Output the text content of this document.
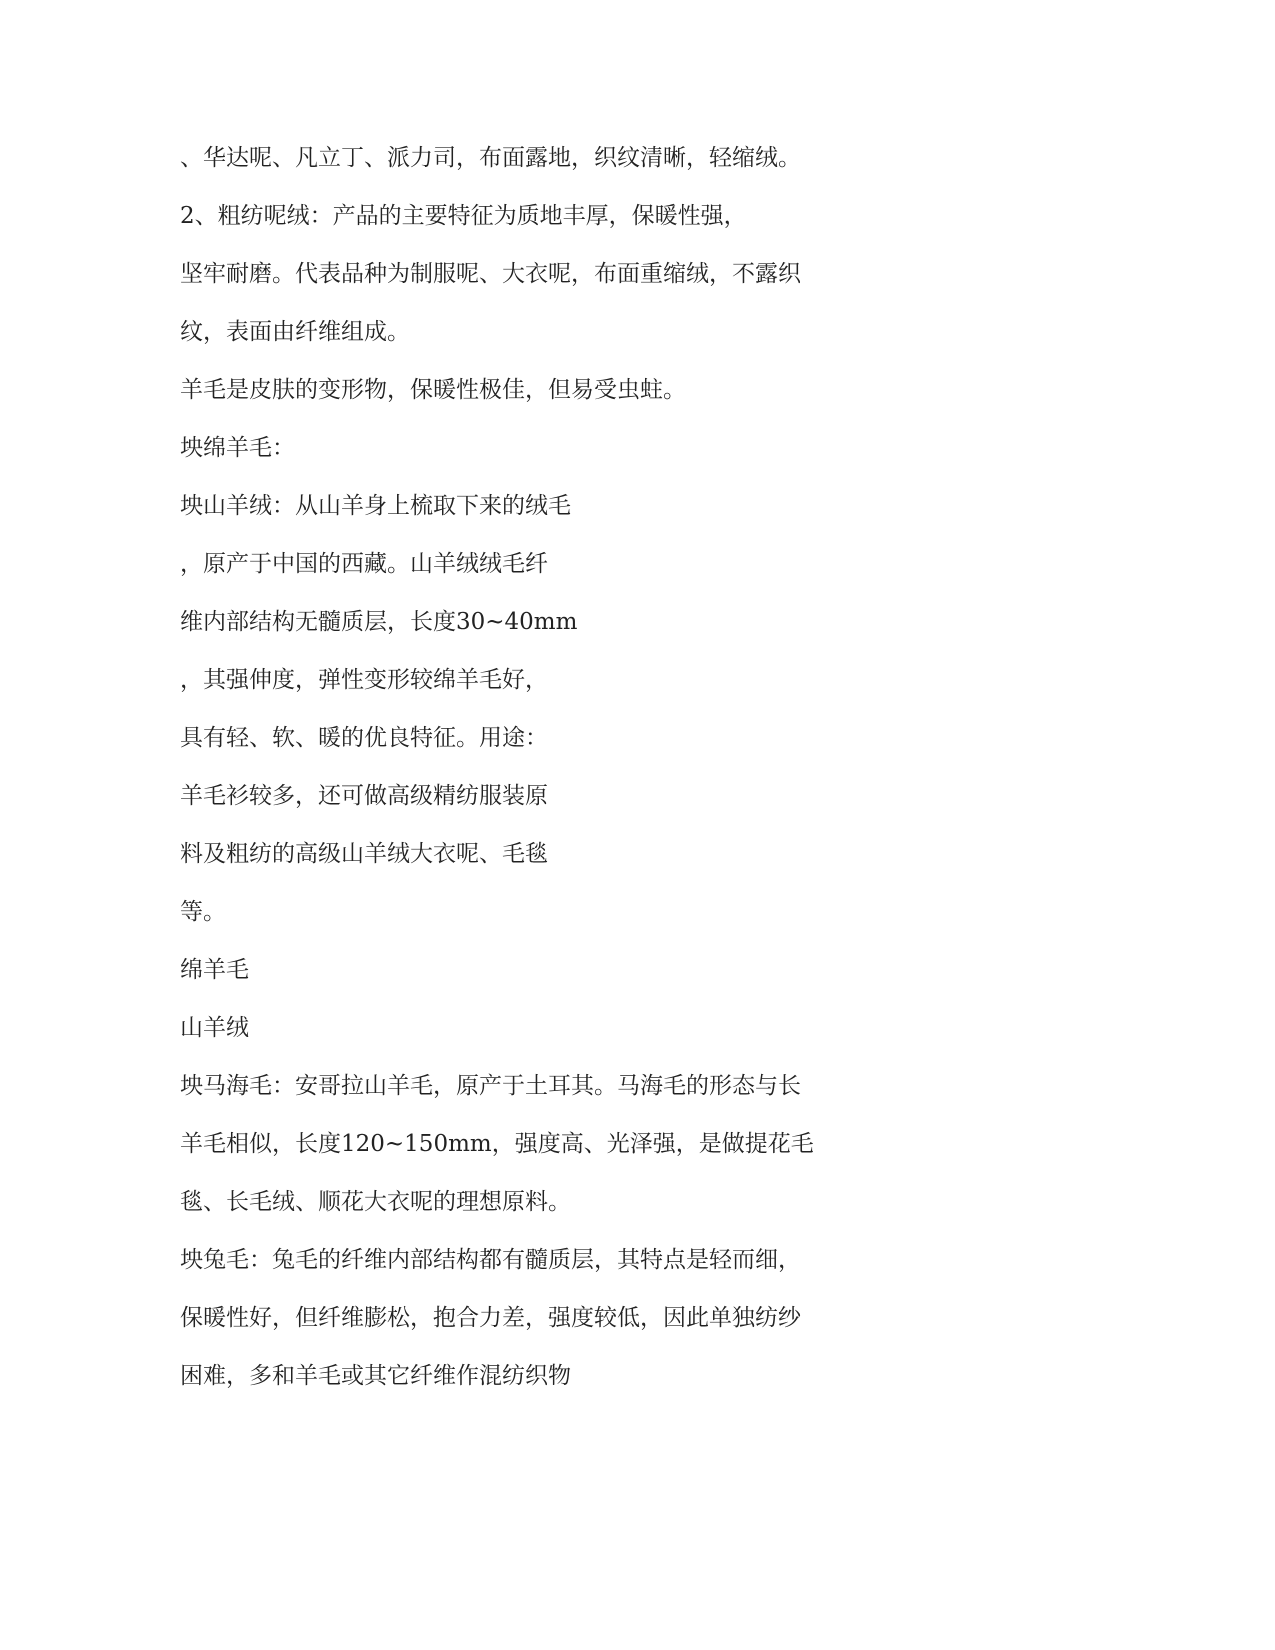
、华达呢、凡立丁、派力司，布面露地，织纹清晰，轻缩绒。

2、粗纺呢绒：产品的主要特征为质地丰厚，保暖性强，

坚牢耐磨。代表品种为制服呢、大衣呢，布面重缩绒，不露织

纹，表面由纤维组成。

羊毛是皮肤的变形物，保暖性极佳，但易受虫蛀。

坱绵羊毛：

坱山羊绒：从山羊身上梳取下来的绒毛

，原产于中国的西藏。山羊绒绒毛纤

维内部结构无髓质层，长度30~40mm

，其强伸度，弹性变形较绵羊毛好，

具有轻、软、暖的优良特征。用途：

羊毛衫较多，还可做高级精纺服装原

料及粗纺的高级山羊绒大衣呢、毛毯

等。

绵羊毛

山羊绒

坱马海毛：安哥拉山羊毛，原产于土耳其。马海毛的形态与长

羊毛相似，长度120~150mm，强度高、光泽强，是做提花毛

毯、长毛绒、顺花大衣呢的理想原料。

坱兔毛：兔毛的纤维内部结构都有髓质层，其特点是轻而细，

保暖性好，但纤维膨松，抱合力差，强度较低，因此单独纺纱

困难，多和羊毛或其它纤维作混纺织物
